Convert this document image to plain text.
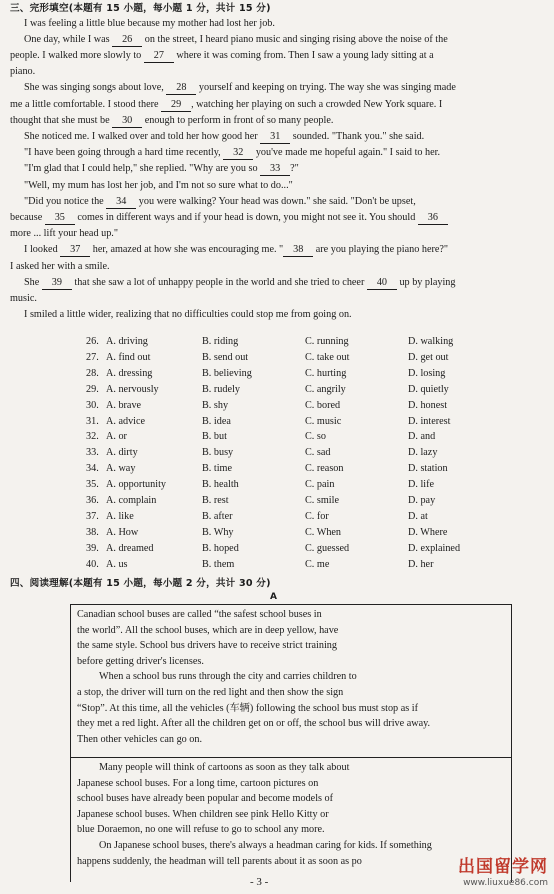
三、完形填空(本题有 15 小题，每小题 1 分，共计 15 分)
I was feeling a little blue because my mother had lost her job.
One day, while I was 26 on the street, I heard piano music and singing rising above the noise of the
people. I walked more slowly to 27 where it was coming from. Then I saw a young lady sitting at a
piano.
She was singing songs about love, 28 yourself and keeping on trying. The way she was singing made
me a little comfortable. I stood there 29 , watching her playing on such a crowded New York square. I
thought that she must be 30 enough to perform in front of so many people.
She noticed me. I walked over and told her how good her 31 sounded. "Thank you." she said.
"I have been going through a hard time recently, 32 you've made me hopeful again." I said to her.
"I'm glad that I could help," she replied. "Why are you so 33 ?"
"Well, my mum has lost her job, and I'm not so sure what to do..."
"Did you notice the 34 you were walking? Your head was down." she said. "Don't be upset,
because 35 comes in different ways and if your head is down, you might not see it. You should 36
more ... lift your head up."
I looked 37 her, amazed at how she was encouraging me. " 38 are you playing the piano here?"
I asked her with a smile.
She 39 that she saw a lot of unhappy people in the world and she tried to cheer 40 up by playing
music.
I smiled a little wider, realizing that no difficulties could stop me from going on.
26. A. driving	B. riding	C. running	D. walking
27. A. find out	B. send out	C. take out	D. get out
28. A. dressing	B. believing	C. hurting	D. losing
29. A. nervously	B. rudely	C. angrily	D. quietly
30. A. brave	B. shy	C. bored	D. honest
31. A. advice	B. idea	C. music	D. interest
32. A. or	B. but	C. so	D. and
33. A. dirty	B. busy	C. sad	D. lazy
34. A. way	B. time	C. reason	D. station
35. A. opportunity	B. health	C. pain	D. life
36. A. complain	B. rest	C. smile	D. pay
37. A. like	B. after	C. for	D. at
38. A. How	B. Why	C. When	D. Where
39. A. dreamed	B. hoped	C. guessed	D. explained
40. A. us	B. them	C. me	D. her
四、阅读理解(本题有 15 小题，每小题 2 分，共计 30 分)
A

Canadian school buses are called “the safest school buses in

the world”. All the school buses, which are in deep yellow, have

the same style. School bus drivers have to receive strict training

before getting driver's licenses.

When a school bus runs through the city and carries children to

a stop, the driver will turn on the red light and then show the sign

“Stop”. At this time, all the vehicles (车辆) following the school bus must stop as if

they met a red light. After all the children get on or off, the school bus will drive away.

Then other vehicles can go on.

Many people will think of cartoons as soon as they talk about

Japanese school buses. For a long time, cartoon pictures on

school buses have already been popular and become models of

Japanese school buses. When children see pink Hello Kitty or

blue Doraemon, no one will refuse to go to school any more.

On Japanese school buses, there's always a headman caring for kids. If something

happens suddenly, the headman will tell parents about it as soon as po

- 3 -
出国留学网
www.liuxue86.com
